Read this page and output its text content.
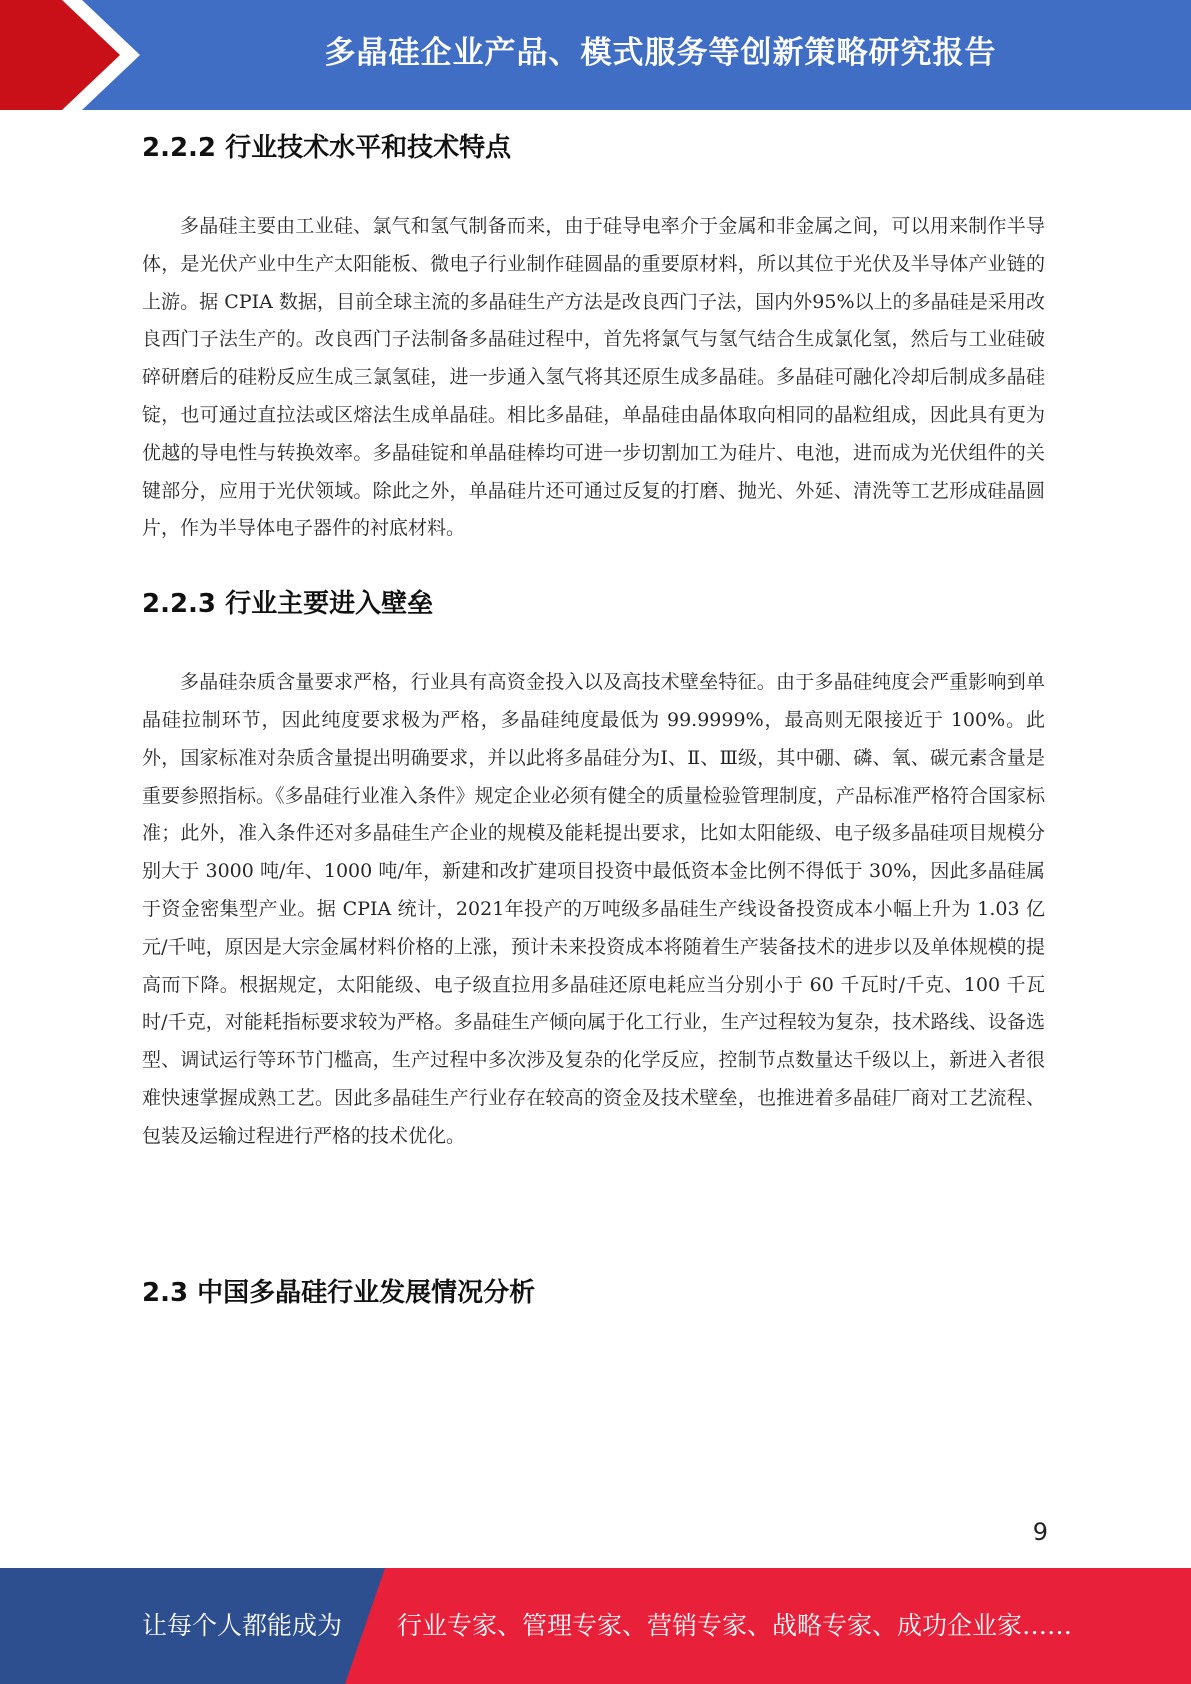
多晶硅企业产品、模式服务等创新策略研究报告
2.2.2 行业技术水平和技术特点

多晶硅主要由工业硅、氯气和氢气制备而来，由于硅导电率介于金属和非金属之间，可以用来制作半导体，是光伏产业中生产太阳能板、微电子行业制作硅圆晶的重要原材料，所以其位于光伏及半导体产业链的上游。据 CPIA 数据，目前全球主流的多晶硅生产方法是改良西门子法，国内外95%以上的多晶硅是采用改良西门子法生产的。改良西门子法制备多晶硅过程中，首先将氯气与氢气结合生成氯化氢，然后与工业硅破碎研磨后的硅粉反应生成三氯氢硅，进一步通入氢气将其还原生成多晶硅。多晶硅可融化冷却后制成多晶硅锭，也可通过直拉法或区熔法生成单晶硅。相比多晶硅，单晶硅由晶体取向相同的晶粒组成，因此具有更为优越的导电性与转换效率。多晶硅锭和单晶硅棒均可进一步切割加工为硅片、电池，进而成为光伏组件的关键部分，应用于光伏领域。除此之外，单晶硅片还可通过反复的打磨、抛光、外延、清洗等工艺形成硅晶圆片，作为半导体电子器件的衬底材料。

2.2.3 行业主要进入壁垒

多晶硅杂质含量要求严格，行业具有高资金投入以及高技术壁垒特征。由于多晶硅纯度会严重影响到单晶硅拉制环节，因此纯度要求极为严格，多晶硅纯度最低为 99.9999%，最高则无限接近于 100%。此外，国家标准对杂质含量提出明确要求，并以此将多晶硅分为Ⅰ、Ⅱ、Ⅲ级，其中硼、磷、氧、碳元素含量是重要参照指标。《多晶硅行业准入条件》规定企业必须有健全的质量检验管理制度，产品标准严格符合国家标准；此外，准入条件还对多晶硅生产企业的规模及能耗提出要求，比如太阳能级、电子级多晶硅项目规模分别大于 3000 吨/年、1000 吨/年，新建和改扩建项目投资中最低资本金比例不得低于 30%，因此多晶硅属于资金密集型产业。据 CPIA 统计，2021年投产的万吨级多晶硅生产线设备投资成本小幅上升为 1.03 亿元/千吨，原因是大宗金属材料价格的上涨，预计未来投资成本将随着生产装备技术的进步以及单体规模的提高而下降。根据规定，太阳能级、电子级直拉用多晶硅还原电耗应当分别小于 60 千瓦时/千克、100 千瓦时/千克，对能耗指标要求较为严格。多晶硅生产倾向属于化工行业，生产过程较为复杂，技术路线、设备选型、调试运行等环节门槛高，生产过程中多次涉及复杂的化学反应，控制节点数量达千级以上，新进入者很难快速掌握成熟工艺。因此多晶硅生产行业存在较高的资金及技术壁垒，也推进着多晶硅厂商对工艺流程、包装及运输过程进行严格的技术优化。

2.3 中国多晶硅行业发展情况分析
9
让每个人都能成为 行业专家、管理专家、营销专家、战略专家、成功企业家……
